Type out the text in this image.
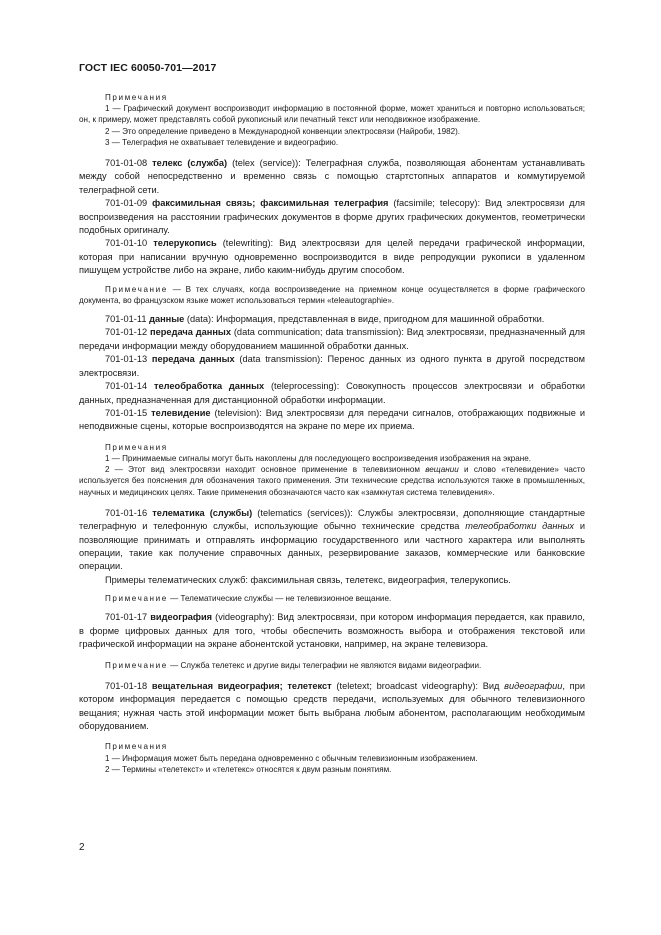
ГОСТ IEC 60050-701—2017

Примечания

1 — Графический документ воспроизводит информацию в постоянной форме, может храниться и повторно использоваться; он, к примеру, может представлять собой рукописный или печатный текст или неподвижное изображение.

2 — Это определение приведено в Международной конвенции электросвязи (Найроби, 1982).

3 — Телеграфия не охватывает телевидение и видеографию.

701-01-08 телекс (служба) (telex (service)): Телеграфная служба, позволяющая абонентам устанавливать между собой непосредственно и временно связь с помощью стартстопных аппаратов и коммутируемой телеграфной сети.

701-01-09 факсимильная связь; факсимильная телеграфия (facsimile; telecopy): Вид электросвязи для воспроизведения на расстоянии графических документов в форме других графических документов, геометрически подобных оригиналу.

701-01-10 телерукопись (telewriting): Вид электросвязи для целей передачи графической информации, которая при написании вручную одновременно воспроизводится в виде репродукции рукописи в удаленном пишущем устройстве либо на экране, либо каким-нибудь другим способом.

Примечание — В тех случаях, когда воспроизведение на приемном конце осуществляется в форме графического документа, во французском языке может использоваться термин «teleautographie».

701-01-11 данные (data): Информация, представленная в виде, пригодном для машинной обработки.

701-01-12 передача данных (data communication; data transmission): Вид электросвязи, предназначенный для передачи информации между оборудованием машинной обработки данных.

701-01-13 передача данных (data transmission): Перенос данных из одного пункта в другой посредством электросвязи.

701-01-14 телеобработка данных (teleprocessing): Совокупность процессов электросвязи и обработки данных, предназначенная для дистанционной обработки информации.

701-01-15 телевидение (television): Вид электросвязи для передачи сигналов, отображающих подвижные и неподвижные сцены, которые воспроизводятся на экране по мере их приема.

Примечания

1 — Принимаемые сигналы могут быть накоплены для последующего воспроизведения изображения на экране.

2 — Этот вид электросвязи находит основное применение в телевизионном вещании и слово «телевидение» часто используется без пояснения для обозначения такого применения. Эти технические средства используются также в промышленных, научных и медицинских целях. Такие применения обозначаются часто как «замкнутая система телевидения».

701-01-16 телематика (службы) (telematics (services)): Службы электросвязи, дополняющие стандартные телеграфную и телефонную службы, использующие обычно технические средства телеобработки данных и позволяющие принимать и отправлять информацию государственного или частного характера или выполнять операции, такие как получение справочных данных, резервирование заказов, коммерческие или банковские операции.

Примеры телематических служб: факсимильная связь, телетекс, видеография, телерукопись.

Примечание — Телематические службы — не телевизионное вещание.

701-01-17 видеография (videography): Вид электросвязи, при котором информация передается, как правило, в форме цифровых данных для того, чтобы обеспечить возможность выбора и отображения текстовой или графической информации на экране абонентской установки, например, на экране телевизора.

Примечание — Служба телетекс и другие виды телеграфии не являются видами видеографии.

701-01-18 вещательная видеография; телетекст (teletext; broadcast videography): Вид видеографии, при котором информация передается с помощью средств передачи, используемых для обычного телевизионного вещания; нужная часть этой информации может быть выбрана любым абонентом, располагающим необходимым оборудованием.

Примечания

1 — Информация может быть передана одновременно с обычным телевизионным изображением.

2 — Термины «телетекст» и «телетекс» относятся к двум разным понятиям.

2
